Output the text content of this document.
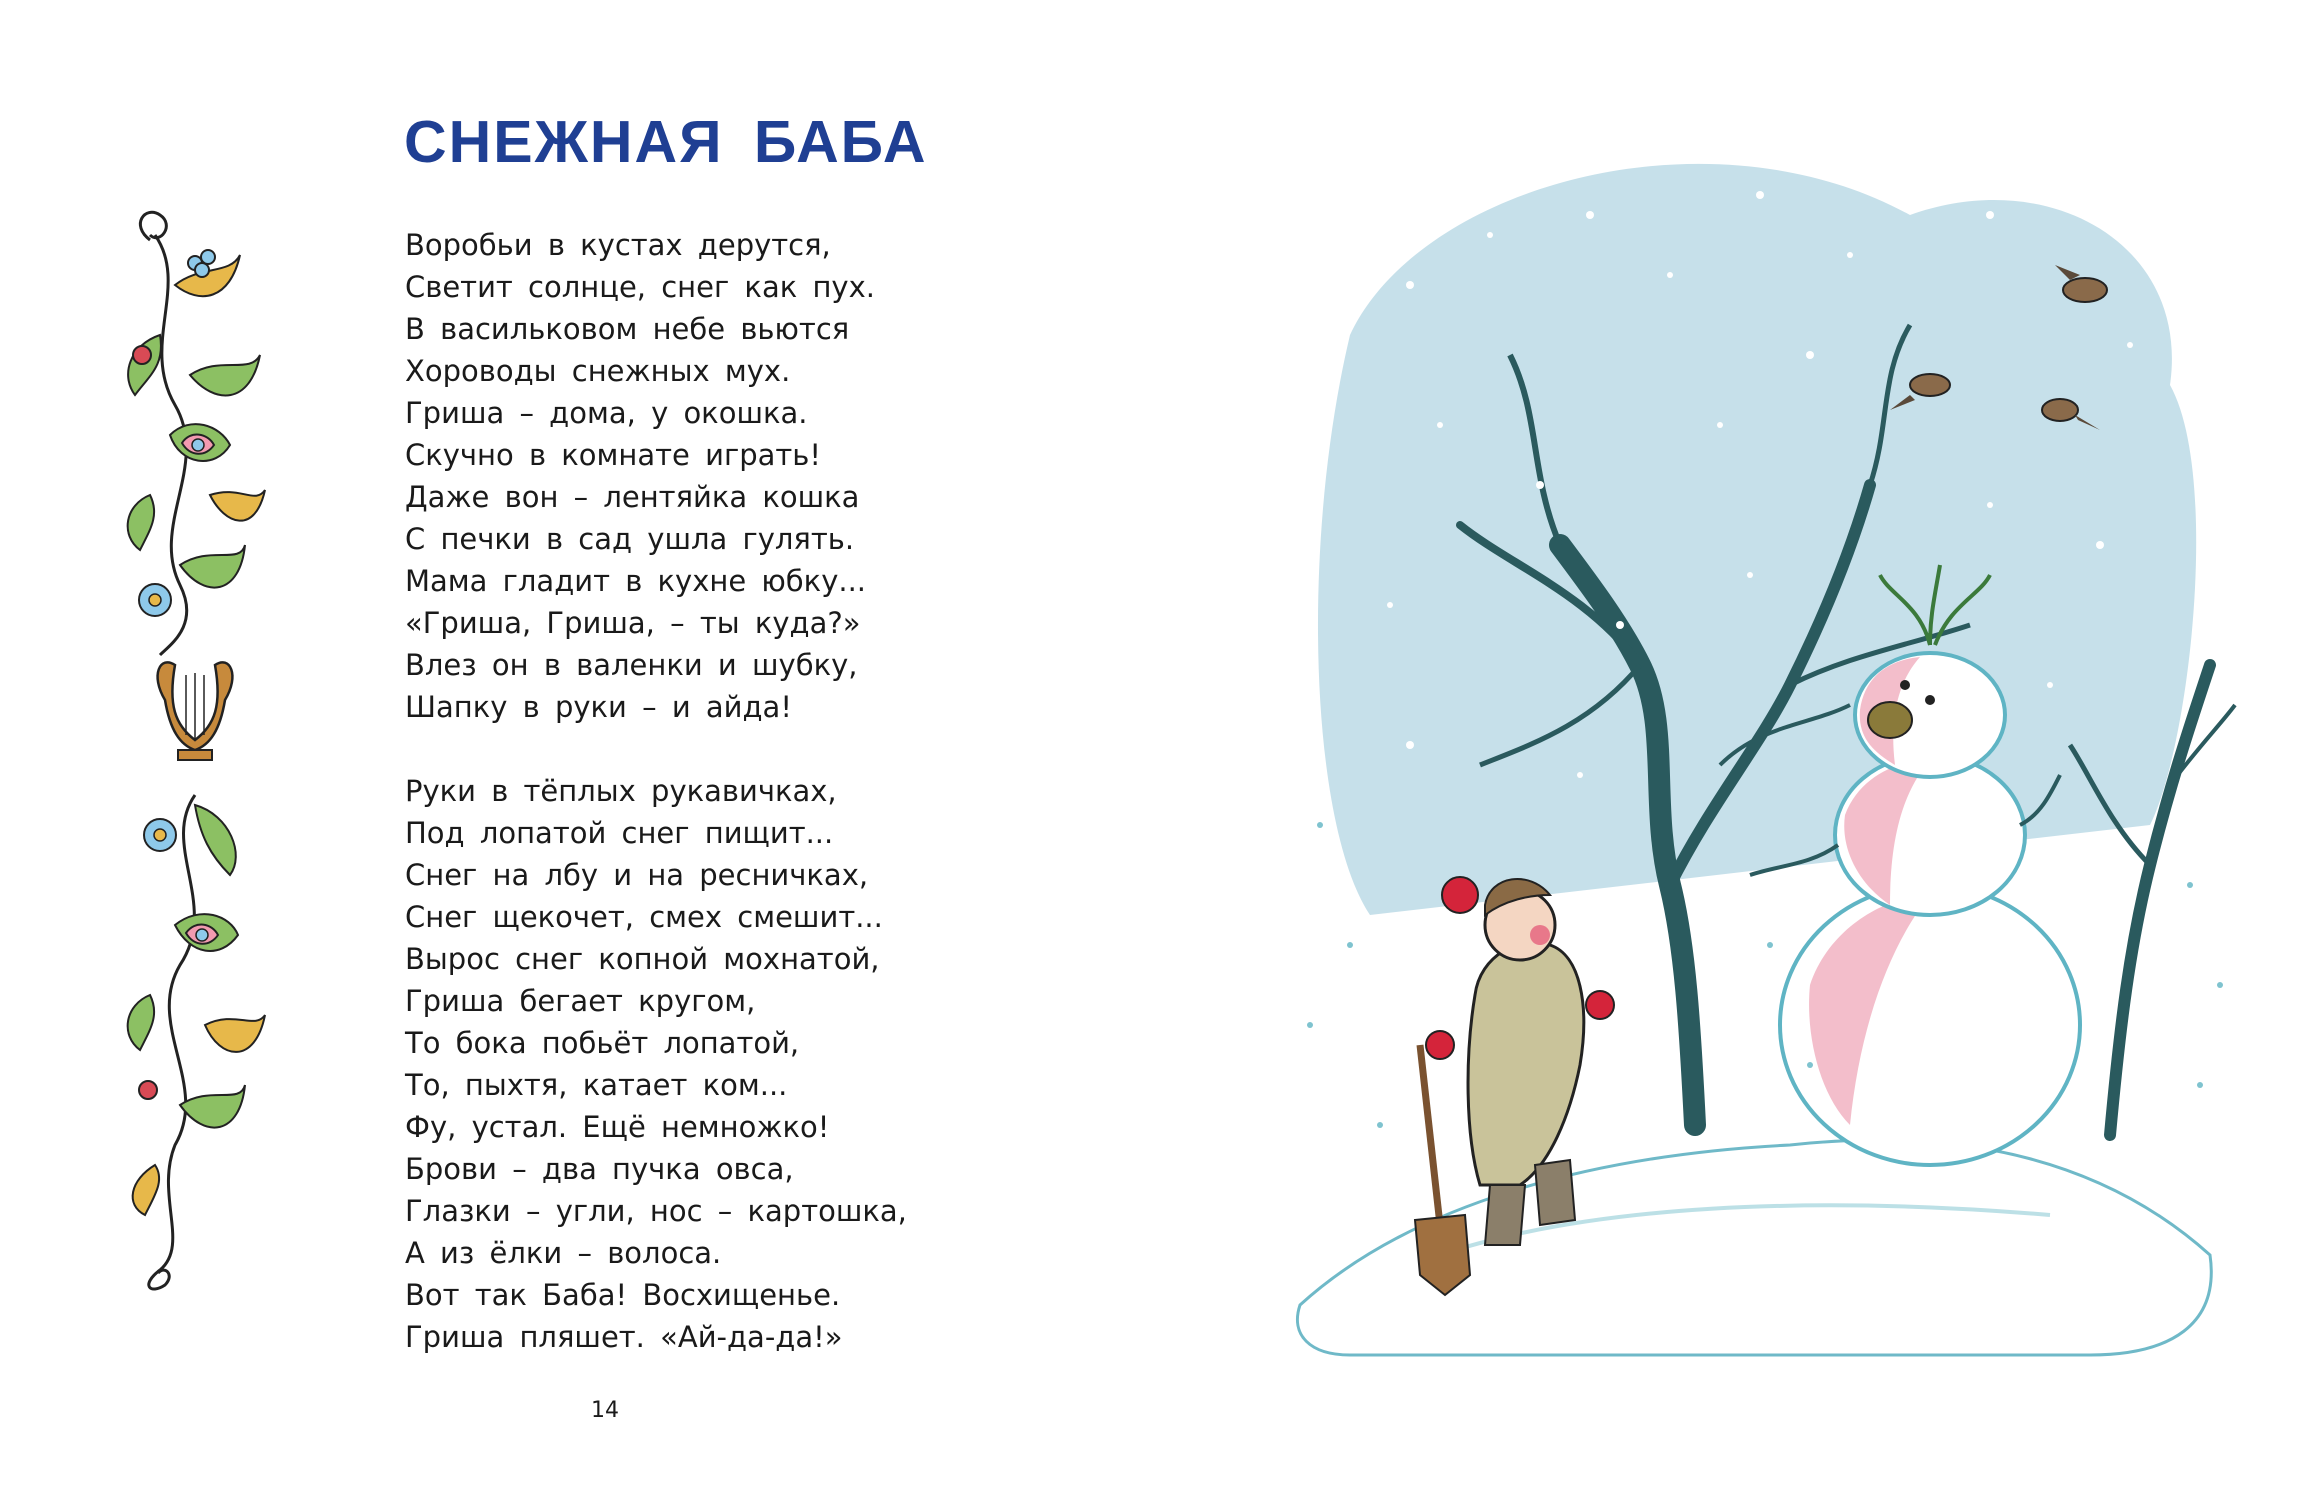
СНЕЖНАЯ БАБА
Воробьи в кустах дерутся,
Светит солнце, снег как пух.
В васильковом небе вьются
Хороводы снежных мух.
Гриша – дома, у окошка.
Скучно в комнате играть!
Даже вон – лентяйка кошка
С печки в сад ушла гулять.
Мама гладит в кухне юбку...
«Гриша, Гриша, – ты куда?»
Влез он в валенки и шубку,
Шапку в руки – и айда!
Руки в тёплых рукавичках,
Под лопатой снег пищит...
Снег на лбу и на ресничках,
Снег щекочет, смех смешит...
Вырос снег копной мохнатой,
Гриша бегает кругом,
То бока побьёт лопатой,
То, пыхтя, катает ком...
Фу, устал. Ещё немножко!
Брови – два пучка овса,
Глазки – угли, нос – картошка,
А из ёлки – волоса.
Вот так Баба! Восхищенье.
Гриша пляшет. «Ай-да-да!»
14
